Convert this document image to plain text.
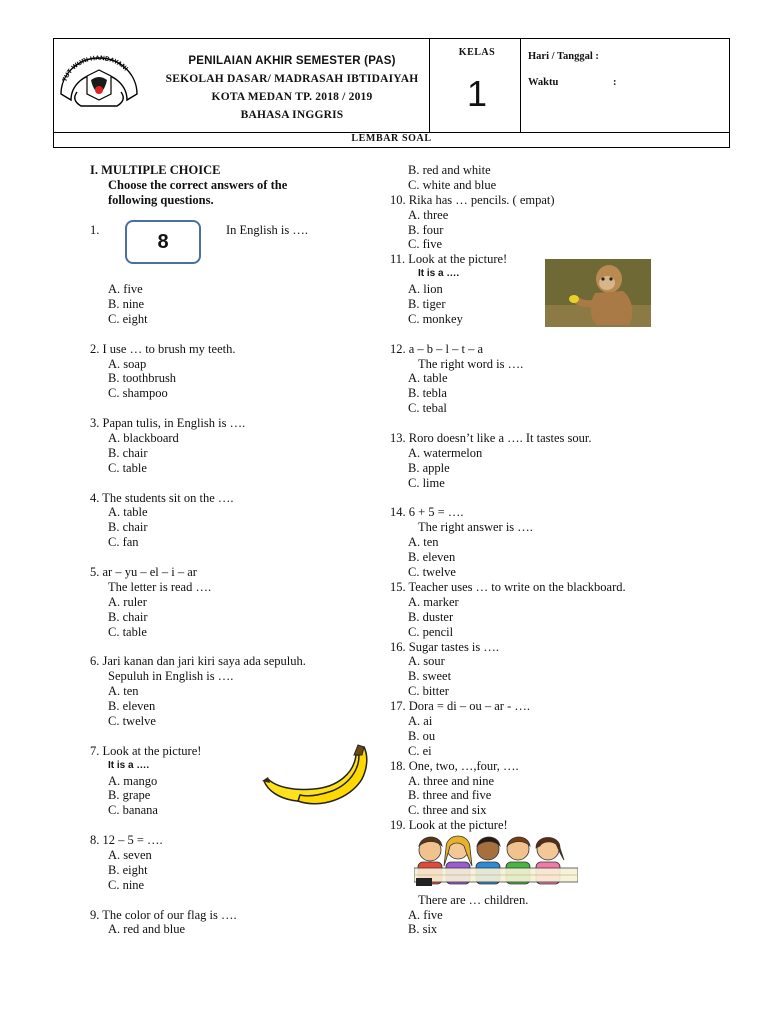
TUT WURI HANDAYANI
PENILAIAN AKHIR SEMESTER (PAS)
SEKOLAH DASAR/ MADRASAH IBTIDAIYAH
KOTA MEDAN TP. 2018 / 2019
BAHASA INGGRIS
KELAS
1
Hari / Tanggal :
Waktu	:
LEMBAR SOAL
I. MULTIPLE CHOICE
Choose the correct answers of the
following questions.
1.	In English is ….
A. five
B. nine
C. eight
2. I use … to brush my teeth.
A. soap
B. toothbrush
C. shampoo
3. Papan tulis, in English is ….
A. blackboard
B. chair
C. table
4. The students sit on the ….
A. table
B. chair
C. fan
5. ar – yu – el – i – ar
The letter is read ….
A. ruler
B. chair
C. table
6. Jari kanan dan jari kiri saya ada sepuluh.
Sepuluh in English is ….
A. ten
B. eleven
C. twelve
7. Look at the picture!
It is a ….
A. mango
B. grape
C. banana
8. 12 – 5 = ….
A. seven
B. eight
C. nine
9. The color of our flag is ….
A. red and blue
B. red and white
C. white and blue
10. Rika has … pencils. ( empat)
A. three
B. four
C. five
11. Look at the picture!
It is a ….
A. lion
B. tiger
C. monkey
12. a – b – l – t – a
The right word is ….
A. table
B. tebla
C. tebal
13. Roro doesn’t like a …. It tastes sour.
A. watermelon
B. apple
C. lime
14. 6 + 5 = ….
The right answer is ….
A. ten
B. eleven
C. twelve
15. Teacher uses … to write on the blackboard.
A. marker
B. duster
C. pencil
16. Sugar tastes is ….
A. sour
B. sweet
C. bitter
17. Dora = di – ou – ar - ….
A. ai
B. ou
C. ei
18. One, two, …,four, ….
A. three and nine
B. three and five
C. three and six
19. Look at the picture!
There are … children.
A. five
B. six
8
